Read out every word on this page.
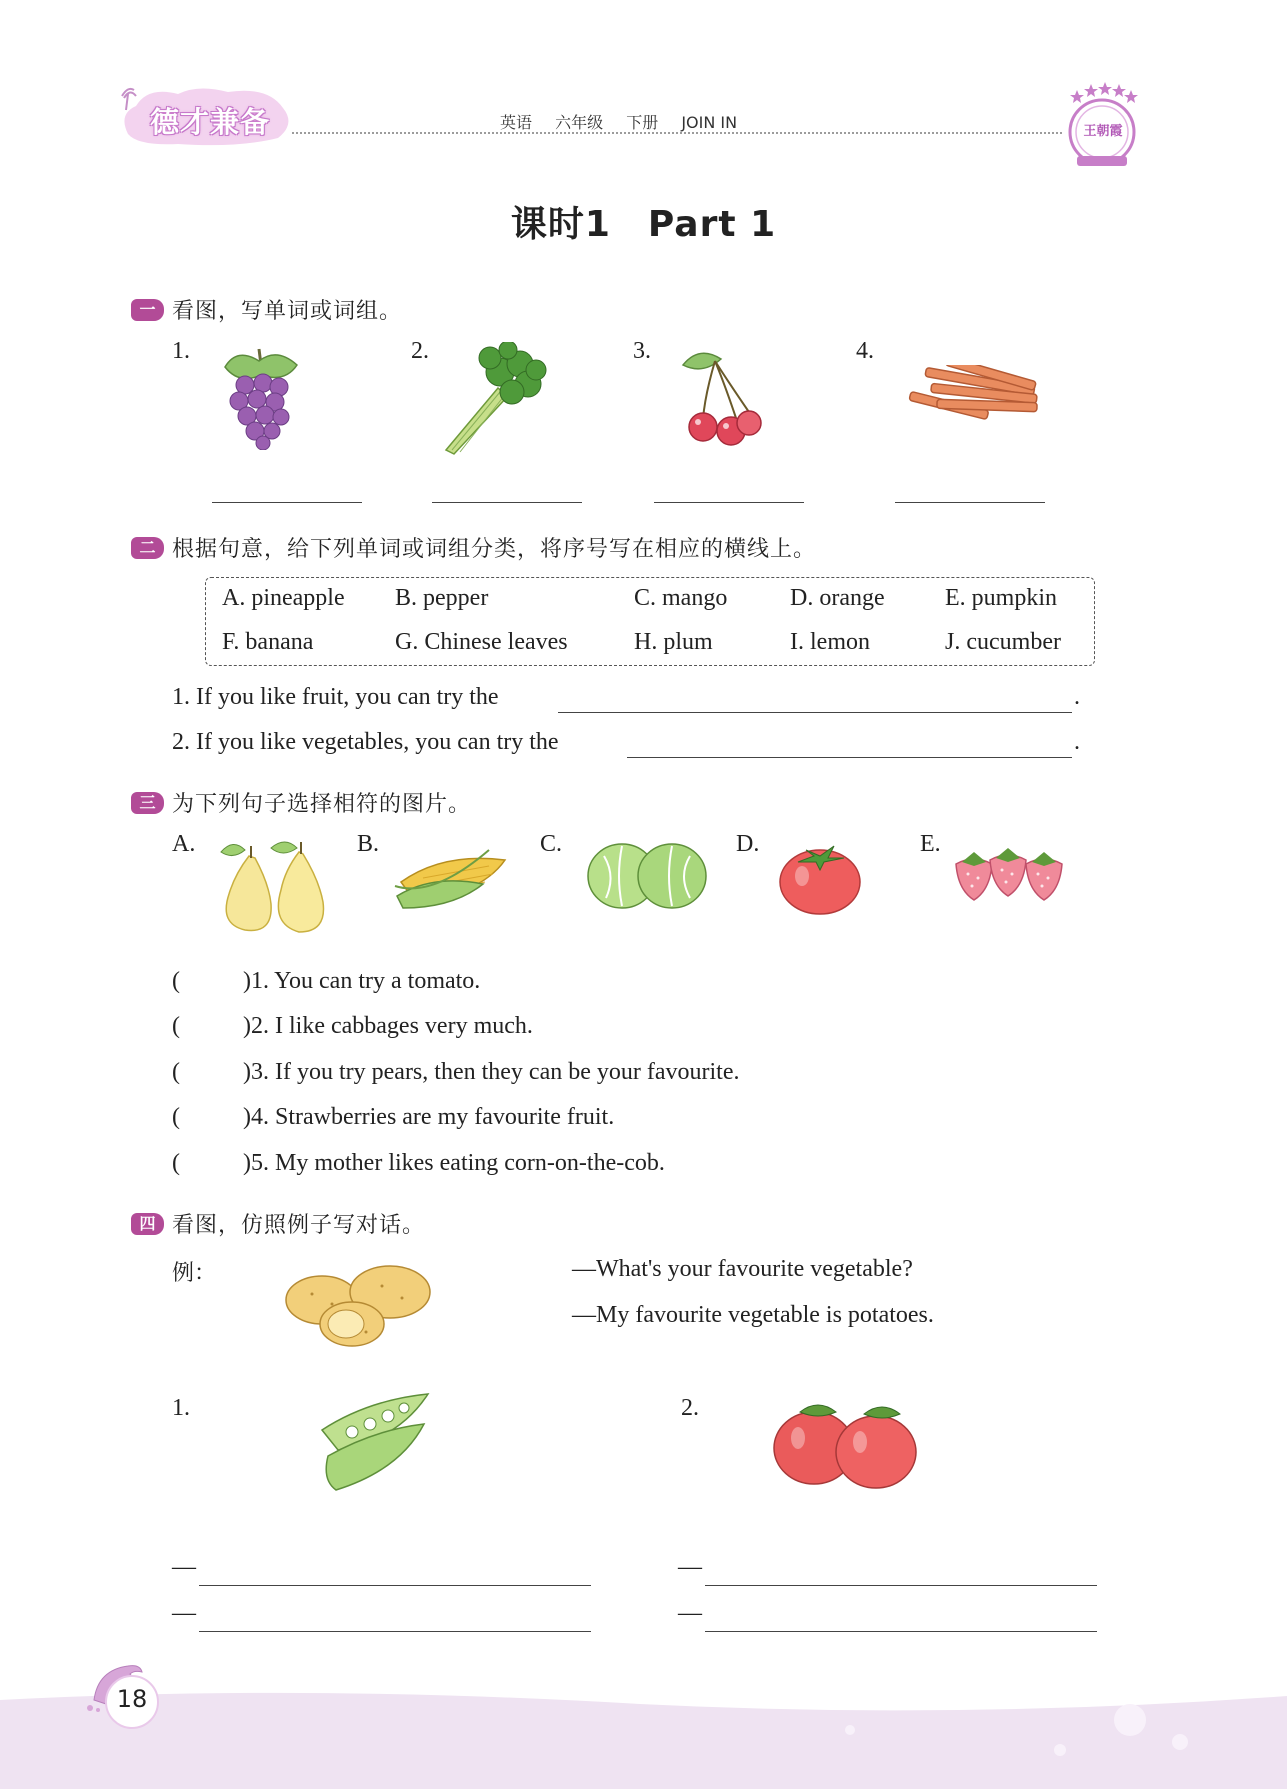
德才兼备	英语 六年级 下册 JOIN IN	王朝霞
课时1　Part 1
一 看图，写单词或词组。
1.	2.	3.	4.
二 根据句意，给下列单词或词组分类，将序号写在相应的横线上。
A. pineapple B. pepper	C. mango	D. orange	E. pumpkin
F. banana	G. Chinese leaves	H. plum	I. lemon	J. cucumber
1. If you like fruit, you can try the	.
2. If you like vegetables, you can try the	.
三 为下列句子选择相符的图片。
A.	B.	C.	D.	E.
(	)1. You can try a tomato.
(	)2. I like cabbages very much.
(	)3. If you try pears, then they can be your favourite.
(	)4. Strawberries are my favourite fruit.
(	)5. My mother likes eating corn-on-the-cob.
四 看图，仿照例子写对话。
例：	—What's your favourite vegetable?
—My favourite vegetable is potatoes.
1.	2.
—
—
—
—
18
